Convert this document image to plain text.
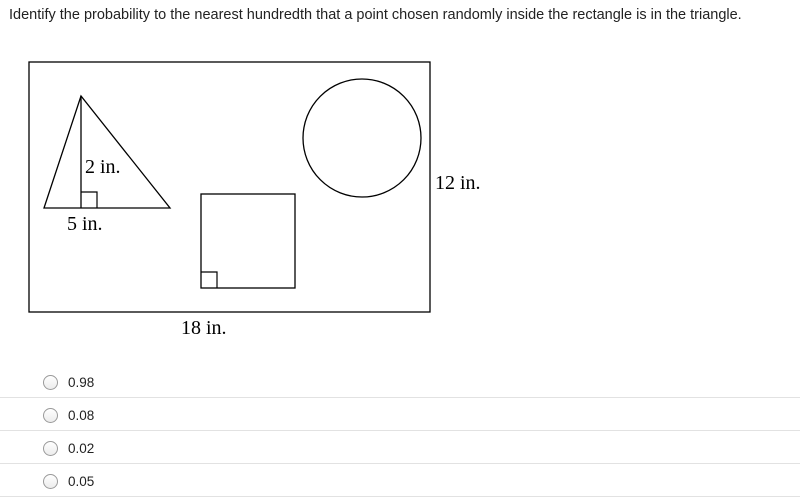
Identify the probability to the nearest hundredth that a point chosen randomly inside the rectangle is in the triangle.
2 in.
5 in.
12 in.
18 in.
0.98
0.08
0.02
0.05
